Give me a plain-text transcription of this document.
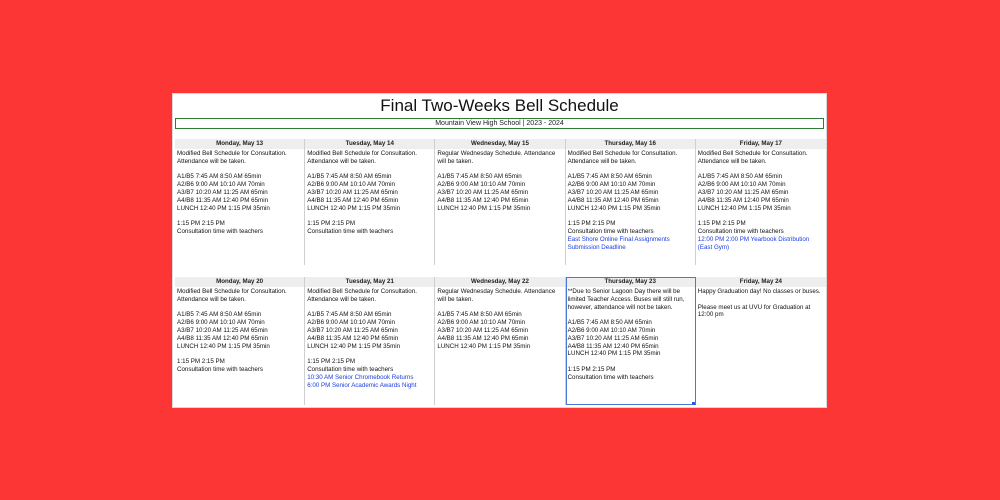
Final Two-Weeks Bell Schedule
Mountain View High School | 2023 - 2024
Monday, May 13
Modified Bell Schedule for Consultation. Attendance will be taken.

A1/B5 7:45 AM 8:50 AM 65min
A2/B6 9:00 AM 10:10 AM 70min
A3/B7 10:20 AM 11:25 AM 65min
A4/B8 11:35 AM 12:40 PM 65min
LUNCH 12:40 PM 1:15 PM 35min

1:15 PM 2:15 PM
Consultation time with teachers
Tuesday, May 14
Modified Bell Schedule for Consultation. Attendance will be taken.

A1/B5 7:45 AM 8:50 AM 65min
A2/B6 9:00 AM 10:10 AM 70min
A3/B7 10:20 AM 11:25 AM 65min
A4/B8 11:35 AM 12:40 PM 65min
LUNCH 12:40 PM 1:15 PM 35min

1:15 PM 2:15 PM
Consultation time with teachers
Wednesday, May 15
Regular Wednesday Schedule. Attendance will be taken.

A1/B5 7:45 AM 8:50 AM 65min
A2/B6 9:00 AM 10:10 AM 70min
A3/B7 10:20 AM 11:25 AM 65min
A4/B8 11:35 AM 12:40 PM 65min
LUNCH 12:40 PM 1:15 PM 35min
Thursday, May 16
Modified Bell Schedule for Consultation. Attendance will be taken.

A1/B5 7:45 AM 8:50 AM 65min
A2/B6 9:00 AM 10:10 AM 70min
A3/B7 10:20 AM 11:25 AM 65min
A4/B8 11:35 AM 12:40 PM 65min
LUNCH 12:40 PM 1:15 PM 35min

1:15 PM 2:15 PM
Consultation time with teachers

East Shore Online Final Assignments Submission Deadline
Friday, May 17
Modified Bell Schedule for Consultation. Attendance will be taken.

A1/B5 7:45 AM 8:50 AM 65min
A2/B6 9:00 AM 10:10 AM 70min
A3/B7 10:20 AM 11:25 AM 65min
A4/B8 11:35 AM 12:40 PM 65min
LUNCH 12:40 PM 1:15 PM 35min

1:15 PM 2:15 PM
Consultation time with teachers

12:00 PM 2:00 PM Yearbook Distribution (East Gym)
Monday, May 20
Modified Bell Schedule for Consultation. Attendance will be taken.

A1/B5 7:45 AM 8:50 AM 65min
A2/B6 9:00 AM 10:10 AM 70min
A3/B7 10:20 AM 11:25 AM 65min
A4/B8 11:35 AM 12:40 PM 65min
LUNCH 12:40 PM 1:15 PM 35min

1:15 PM 2:15 PM
Consultation time with teachers
Tuesday, May 21
Modified Bell Schedule for Consultation. Attendance will be taken.

A1/B5 7:45 AM 8:50 AM 65min
A2/B6 9:00 AM 10:10 AM 70min
A3/B7 10:20 AM 11:25 AM 65min
A4/B8 11:35 AM 12:40 PM 65min
LUNCH 12:40 PM 1:15 PM 35min

1:15 PM 2:15 PM
Consultation time with teachers

10:30 AM Senior Chromebook Returns
6:00 PM Senior Academic Awards Night
Wednesday, May 22
Regular Wednesday Schedule. Attendance will be taken.

A1/B5 7:45 AM 8:50 AM 65min
A2/B6 9:00 AM 10:10 AM 70min
A3/B7 10:20 AM 11:25 AM 65min
A4/B8 11:35 AM 12:40 PM 65min
LUNCH 12:40 PM 1:15 PM 35min
Thursday, May 23
**Due to Senior Lagoon Day there will be limited Teacher Access. Buses will still run, however, attendance will not be taken.

A1/B5 7:45 AM 8:50 AM 65min
A2/B6 9:00 AM 10:10 AM 70min
A3/B7 10:20 AM 11:25 AM 65min
A4/B8 11:35 AM 12:40 PM 65min
LUNCH 12:40 PM 1:15 PM 35min

1:15 PM 2:15 PM
Consultation time with teachers
Friday, May 24
Happy Graduation day! No classes or buses.

Please meet us at UVU for Graduation at 12:00 pm
